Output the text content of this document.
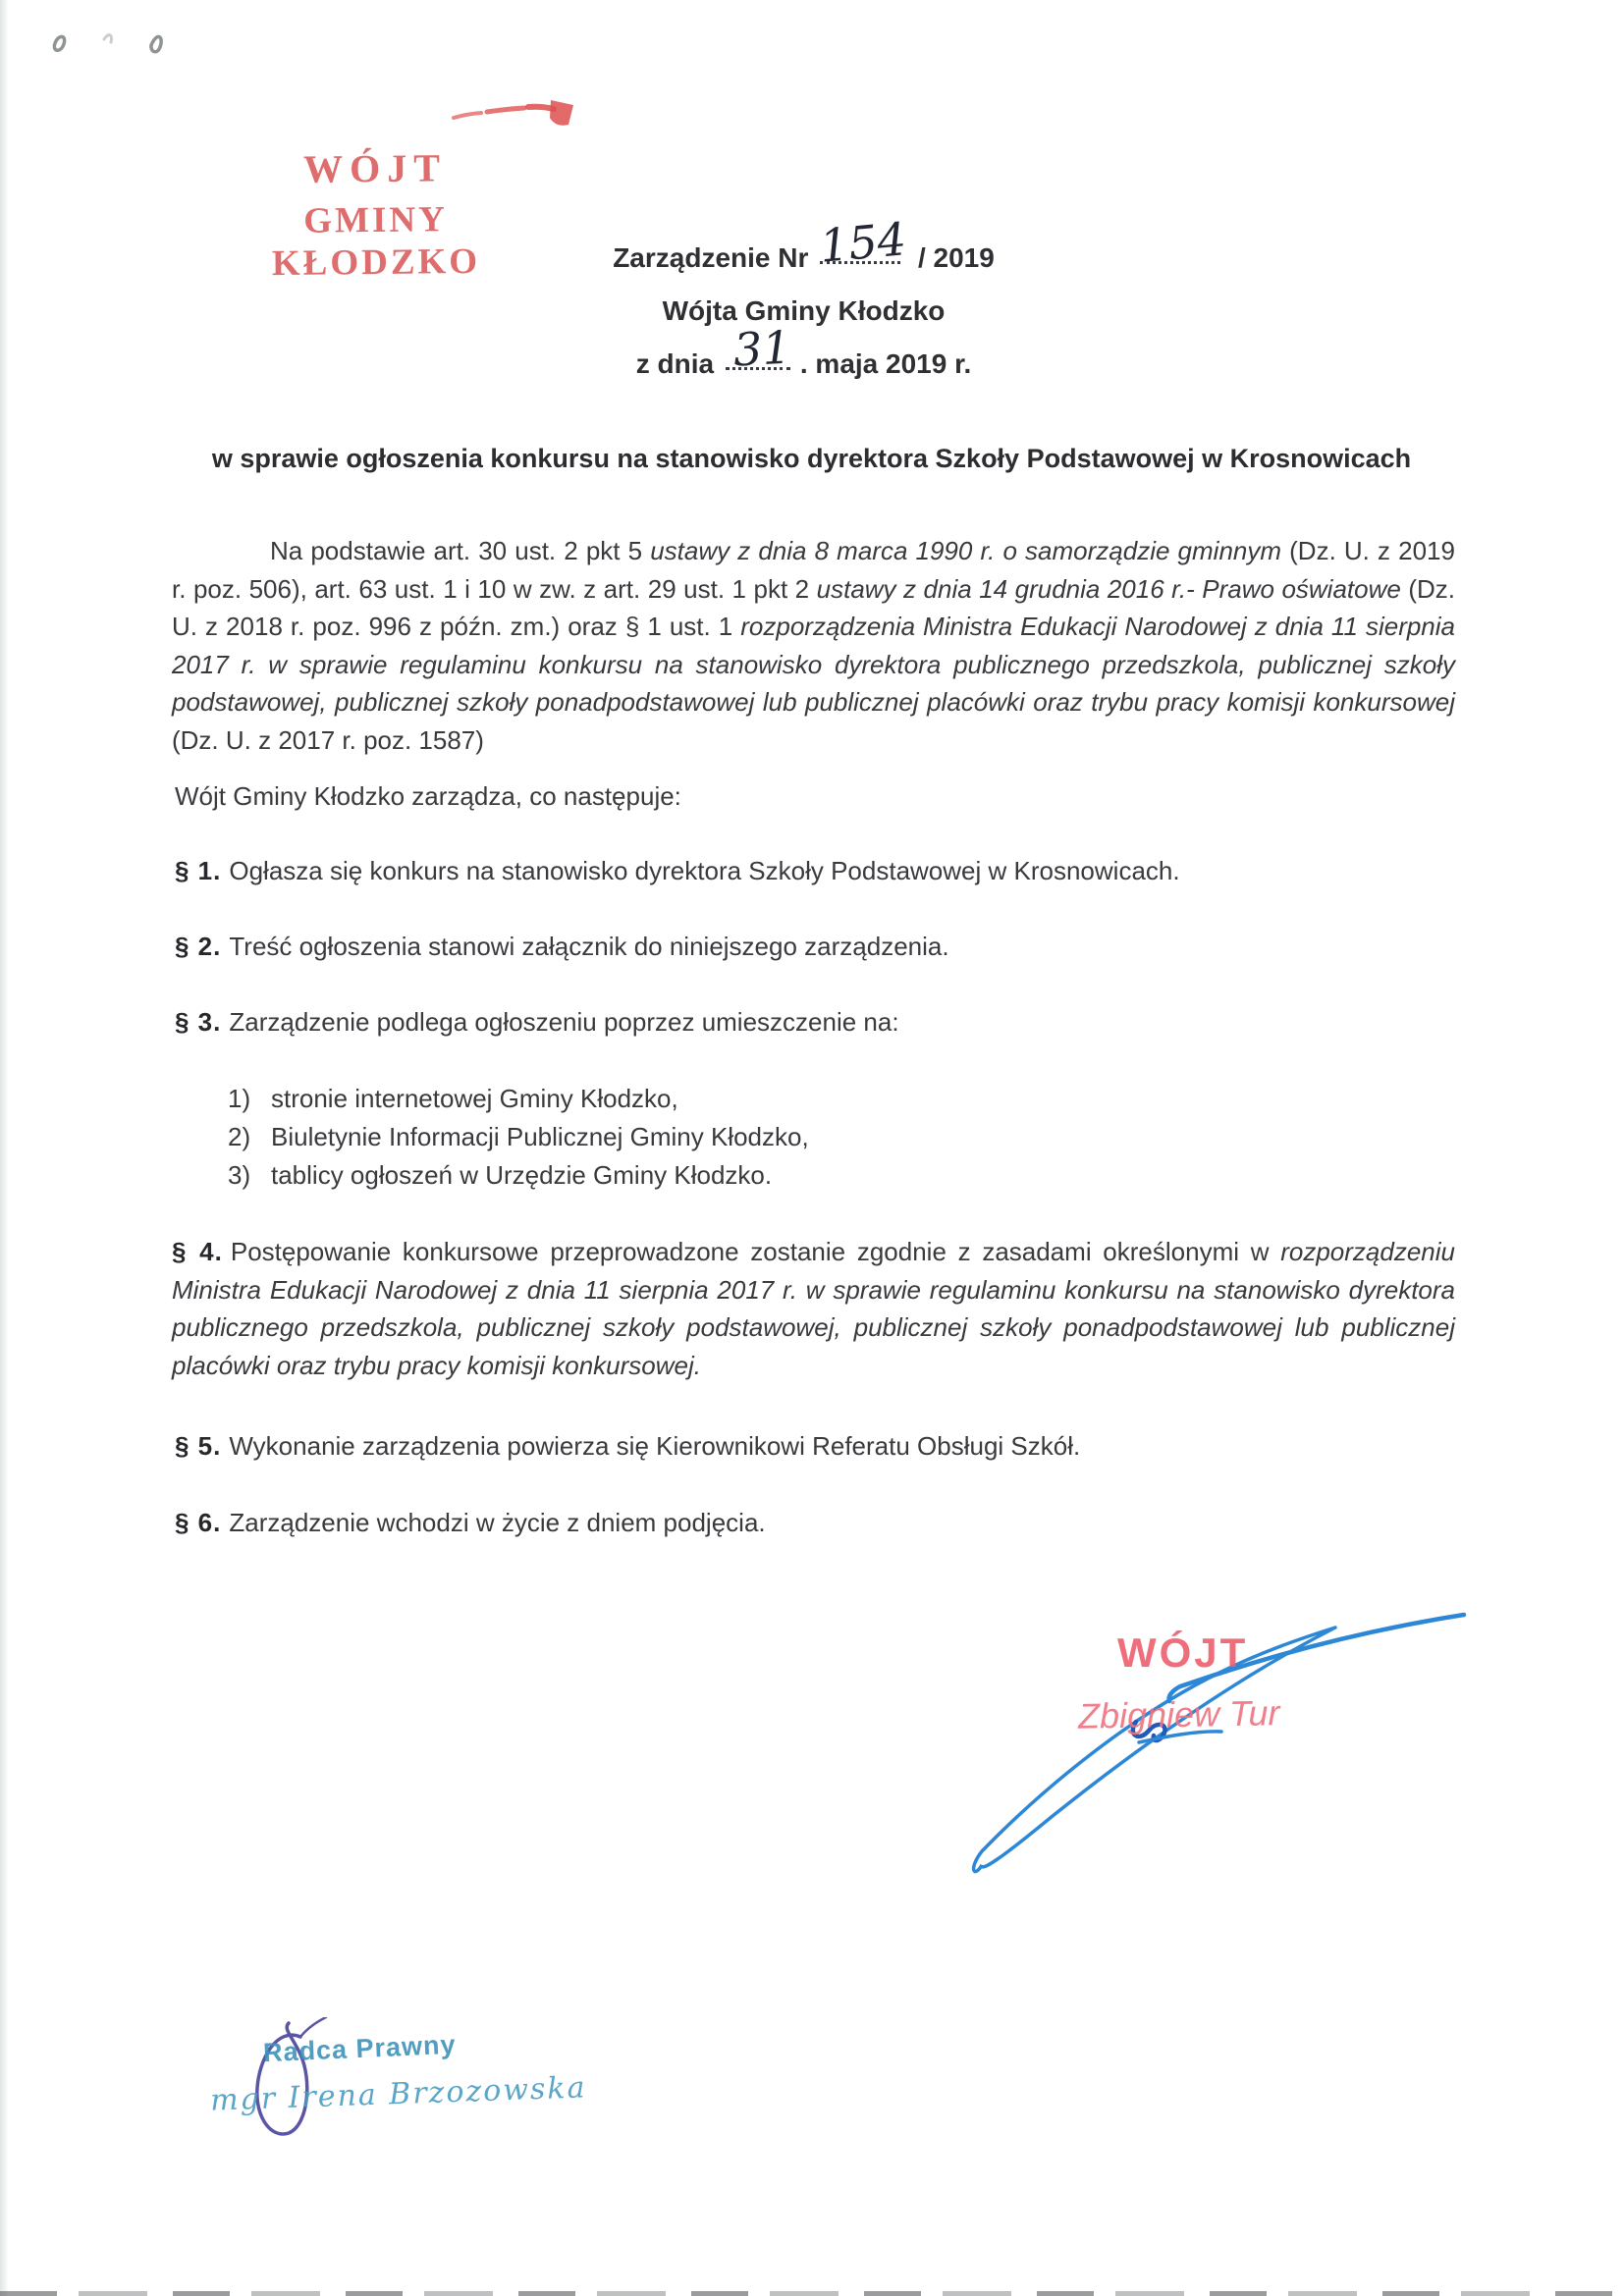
WÓJT
GMINY KŁODZKO	Zarządzenie Nr 154 / 2019
Wójta Gminy Kłodzko
z dnia 31 . maja 2019 r.
w sprawie ogłoszenia konkursu na stanowisko dyrektora Szkoły Podstawowej w Krosnowicach

Na podstawie art. 30 ust. 2 pkt 5 ustawy z dnia 8 marca 1990 r. o samorządzie gminnym (Dz. U. z 2019 r. poz. 506), art. 63 ust. 1 i 10 w zw. z art. 29 ust. 1 pkt 2 ustawy z dnia 14 grudnia 2016 r.- Prawo oświatowe (Dz. U. z 2018 r. poz. 996 z późn. zm.) oraz § 1 ust. 1 rozporządzenia Ministra Edukacji Narodowej z dnia 11 sierpnia 2017 r. w sprawie regulaminu konkursu na stanowisko dyrektora publicznego przedszkola, publicznej szkoły podstawowej, publicznej szkoły ponadpodstawowej lub publicznej placówki oraz trybu pracy komisji konkursowej (Dz. U. z 2017 r. poz. 1587)

Wójt Gminy Kłodzko zarządza, co następuje:

§ 1. Ogłasza się konkurs na stanowisko dyrektora Szkoły Podstawowej w Krosnowicach.

§ 2. Treść ogłoszenia stanowi załącznik do niniejszego zarządzenia.

§ 3. Zarządzenie podlega ogłoszeniu poprzez umieszczenie na:

1) stronie internetowej Gminy Kłodzko,
2) Biuletynie Informacji Publicznej Gminy Kłodzko,
3) tablicy ogłoszeń w Urzędzie Gminy Kłodzko.

§ 4. Postępowanie konkursowe przeprowadzone zostanie zgodnie z zasadami określonymi w rozporządzeniu Ministra Edukacji Narodowej z dnia 11 sierpnia 2017 r. w sprawie regulaminu konkursu na stanowisko dyrektora publicznego przedszkola, publicznej szkoły podstawowej, publicznej szkoły ponadpodstawowej lub publicznej placówki oraz trybu pracy komisji konkursowej.

§ 5. Wykonanie zarządzenia powierza się Kierownikowi Referatu Obsługi Szkół.

§ 6. Zarządzenie wchodzi w życie z dniem podjęcia.

WÓJT
Zbigniew Tur
Radca Prawny
mgr Irena Brzozowska
